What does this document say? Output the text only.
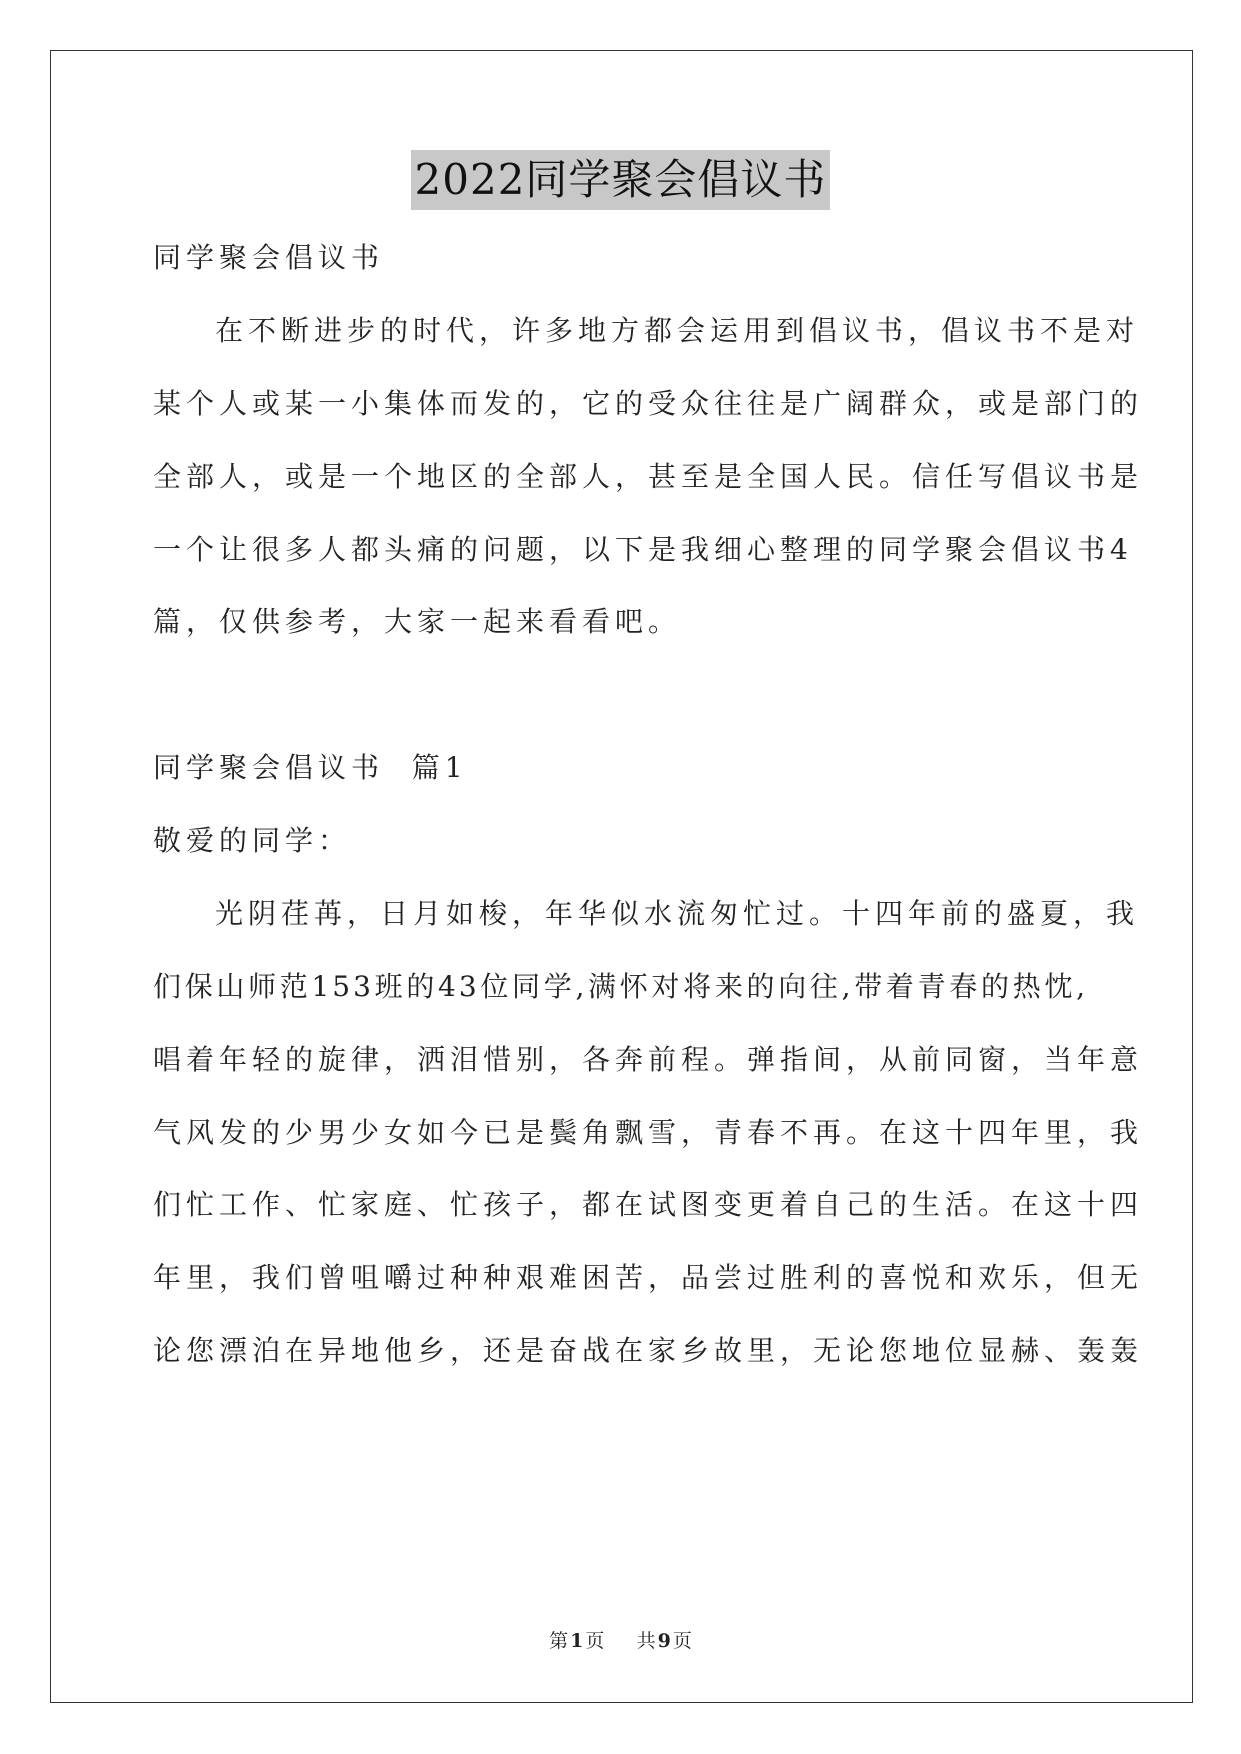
2022同学聚会倡议书
同学聚会倡议书
在不断进步的时代，许多地方都会运用到倡议书，倡议书不是对
某个人或某一小集体而发的，它的受众往往是广阔群众，或是部门的
全部人，或是一个地区的全部人，甚至是全国人民。信任写倡议书是
一个让很多人都头痛的问题，以下是我细心整理的同学聚会倡议书4
篇，仅供参考，大家一起来看看吧。
同学聚会倡议书  篇1
敬爱的同学：
光阴荏苒，日月如梭，年华似水流匆忙过。十四年前的盛夏，我
们保山师范153班的43位同学,满怀对将来的向往,带着青春的热忱,
唱着年轻的旋律，洒泪惜别，各奔前程。弹指间，从前同窗，当年意
气风发的少男少女如今已是鬓角飘雪，青春不再。在这十四年里，我
们忙工作、忙家庭、忙孩子，都在试图变更着自己的生活。在这十四
年里，我们曾咀嚼过种种艰难困苦，品尝过胜利的喜悦和欢乐，但无
论您漂泊在异地他乡，还是奋战在家乡故里，无论您地位显赫、轰轰
第 1 页 共 9 页
